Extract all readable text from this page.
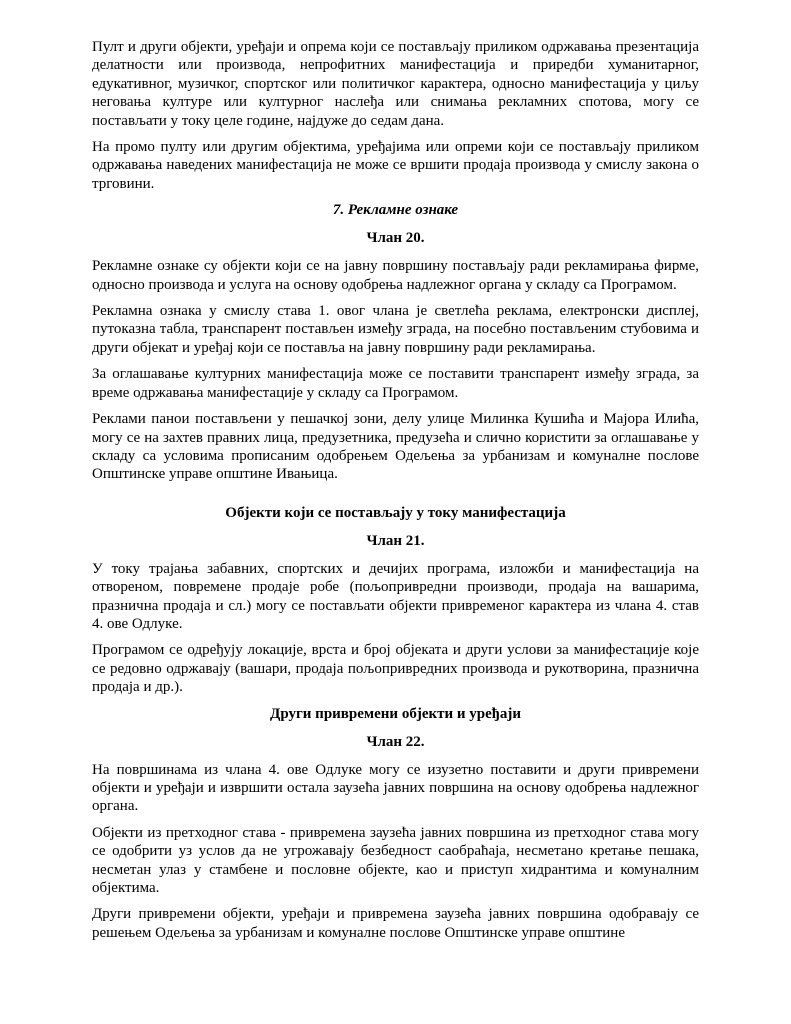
Пулт и други објекти, уређаји и опрема који се постављају приликом одржавања презентација делатности или производа, непрофитних манифестација и приредби хуманитарног, едукативног, музичког, спортског или политичког карактера, односно манифестација у циљу неговања културе или културног наслеђа или снимања рекламних спотова, могу се постављати у току целе године, најдуже до седам дана.

На промо пулту или другим објектима, уређајима или опреми који се постављају приликом одржавања наведених манифестација не може се вршити продаја производа у смислу закона о трговини.

7. Рекламне ознаке
Члан 20.

Рекламне ознаке су објекти који се на јавну површину постављају ради рекламирања фирме, односно производа и услуга на основу одобрења надлежног органа у складу са Програмом.

Рекламна ознака у смислу става 1. овог члана је светлећа реклама, електронски дисплеј, путоказна табла, транспарент постављен између зграда, на посебно постављеним стубовима и други објекат и уређај који се поставља на јавну површину ради рекламирања.

За оглашавање културних манифестација може се поставити транспарент између зграда, за време одржавања манифестације у складу са Програмом.

Реклами панои постављени у пешачкој зони, делу улице Милинка Кушића и Мајора Илића, могу се на захтев правних лица, предузетника, предузећа и слично користити за оглашавање у складу са условима прописаним одобрењем Одељења за урбанизам и комуналне послове Општинске управе општине Ивањица.

Објекти који се постављају у току манифестација
Члан 21.

У току трајања забавних, спортских и дечијих програма, изложби и манифестација на отвореном, повремене продаје робе (пољопривредни производи, продаја на вашарима, празнична продаја и сл.) могу се постављати објекти привременог карактера из члана 4. став 4. ове Одлуке.

Програмом се одређују локације, врста и број објеката и други услови за манифестације које се редовно одржавају (вашари, продаја пољопривредних производа и рукотворина, празнична продаја и др.).

Други привремени објекти и уређаји
Члан 22.

На површинама из члана 4. ове Одлуке могу се изузетно поставити и други привремени објекти и уређаји и извршити остала заузећа јавних површина на основу одобрења надлежног органа.

Објекти из претходног става - привремена заузећа јавних површина из претходног става могу се одобрити уз услов да не угрожавају безбедност саобраћаја, несметано кретање пешака, несметан улаз у стамбене и пословне објекте, као и приступ хидрантима и комуналним објектима.

Други привремени објекти, уређаји и привремена заузећа јавних површина одобравају се решењем Одељења за урбанизам и комуналне послове Општинске управе општине
